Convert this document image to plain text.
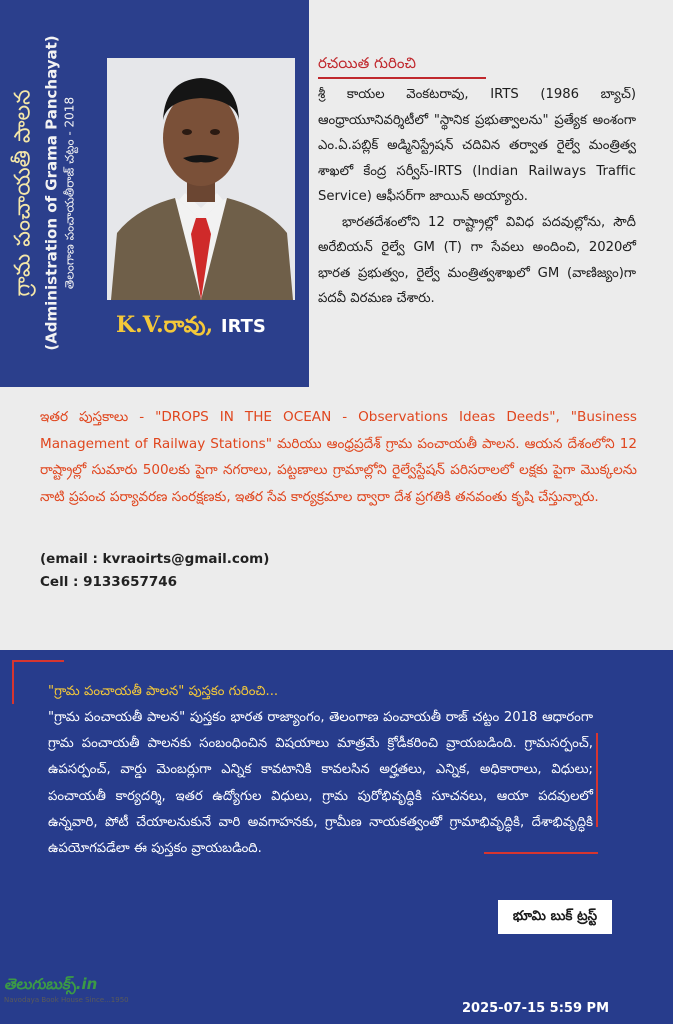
గ్రామ పంచాయతీ పాలన (Administration of Grama Panchayat) తెలంగాణ పంచాయతీరాజ్ చట్టం - 2018
K.V.రావు, IRTS
రచయిత గురించి

శ్రీ కాయల వెంకటరావు, IRTS (1986 బ్యాచ్) ఆంధ్రాయూనివర్శిటీలో "స్థానిక ప్రభుత్వాలను" ప్రత్యేక అంశంగా ఎం.ఏ.పబ్లిక్ అడ్మినిస్ట్రేషన్ చదివిన తర్వాత రైల్వే మంత్రిత్వ శాఖలో కేంద్ర సర్వీస్-IRTS (Indian Railways Traffic Service) ఆఫీసర్‌గా జాయిన్ అయ్యారు.

భారతదేశంలోని 12 రాష్ట్రాల్లో వివిధ పదవుల్లోను, సౌదీ అరేబియన్ రైల్వే GM (T) గా సేవలు అందించి, 2020లో భారత ప్రభుత్వం, రైల్వే మంత్రిత్వశాఖలో GM (వాణిజ్యం)గా పదవీ విరమణ చేశారు.

ఇతర పుస్తకాలు - "DROPS IN THE OCEAN - Observations Ideas Deeds", "Business Management of Railway Stations" మరియు ఆంధ్రప్రదేశ్ గ్రామ పంచాయతీ పాలన. ఆయన దేశంలోని 12 రాష్ట్రాల్లో సుమారు 500లకు పైగా నగరాలు, పట్టణాలు గ్రామాల్లోని రైల్వేస్టేషన్ పరిసరాలలో లక్షకు పైగా మొక్కలను నాటి ప్రపంచ పర్యావరణ సంరక్షణకు, ఇతర సేవ కార్యక్రమాల ద్వారా దేశ ప్రగతికి తనవంతు కృషి చేస్తున్నారు.
(email : kvraoirts@gmail.com)
Cell : 9133657746
"గ్రామ పంచాయతీ పాలన" పుస్తకం గురించి...
"గ్రామ పంచాయతీ పాలన" పుస్తకం భారత రాజ్యాంగం, తెలంగాణ పంచాయతీ రాజ్ చట్టం 2018 ఆధారంగా గ్రామ పంచాయతీ పాలనకు సంబంధించిన విషయాలు మాత్రమే క్రోడీకరించి వ్రాయబడింది. గ్రామసర్పంచ్, ఉపసర్పంచ్, వార్డు మెంబర్లుగా ఎన్నిక కావటానికి కావలసిన అర్హతలు, ఎన్నిక, అధికారాలు, విధులు; పంచాయతీ కార్యదర్శి, ఇతర ఉద్యోగుల విధులు, గ్రామ పురోభివృద్ధికి సూచనలు, ఆయా పదవులలో ఉన్నవారి, పోటీ చేయాలనుకునే వారి అవగాహనకు, గ్రామీణ నాయకత్వంతో గ్రామాభివృద్ధికి, దేశాభివృద్ధికి ఉపయోగపడేలా ఈ పుస్తకం వ్రాయబడింది.
భూమి బుక్ ట్రస్ట్
తెలుగుబుక్స్.in
Navodaya Book House Since...1950
2025-07-15 5:59 PM
